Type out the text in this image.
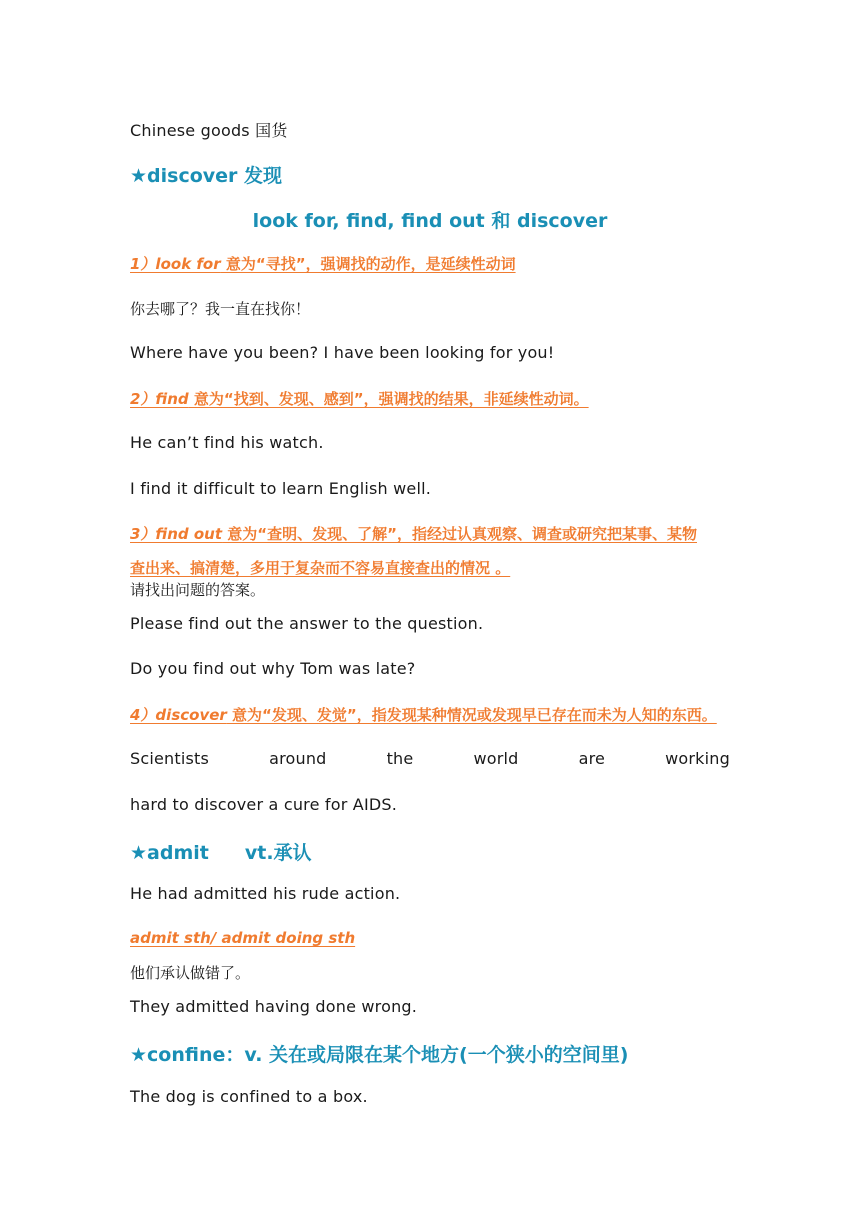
Chinese goods 国货
★discover 发现
look for, find, find out 和 discover
1）look for 意为“寻找”，强调找的动作，是延续性动词
你去哪了？我一直在找你！
Where have you been? I have been looking for you!
2）find 意为“找到、发现、感到”，强调找的结果，非延续性动词。
He can’t find his watch.
I find it difficult to learn English well.
3）find out 意为“查明、发现、了解”，指经过认真观察、调查或研究把某事、某物
查出来、搞清楚，多用于复杂而不容易直接查出的情况 。
请找出问题的答案。
Please find out the answer to the question.
Do you find out why Tom was late?
4）discover 意为“发现、发觉”，指发现某种情况或发现早已存在而未为人知的东西。
Scientists	around	the	world	are	working
hard to discover a cure for AIDS.
★admit vt.承认
He had admitted his rude action.
admit sth/ admit doing sth
他们承认做错了。
They admitted having done wrong.
★confine：v. 关在或局限在某个地方(一个狭小的空间里)
The dog is confined to a box.
